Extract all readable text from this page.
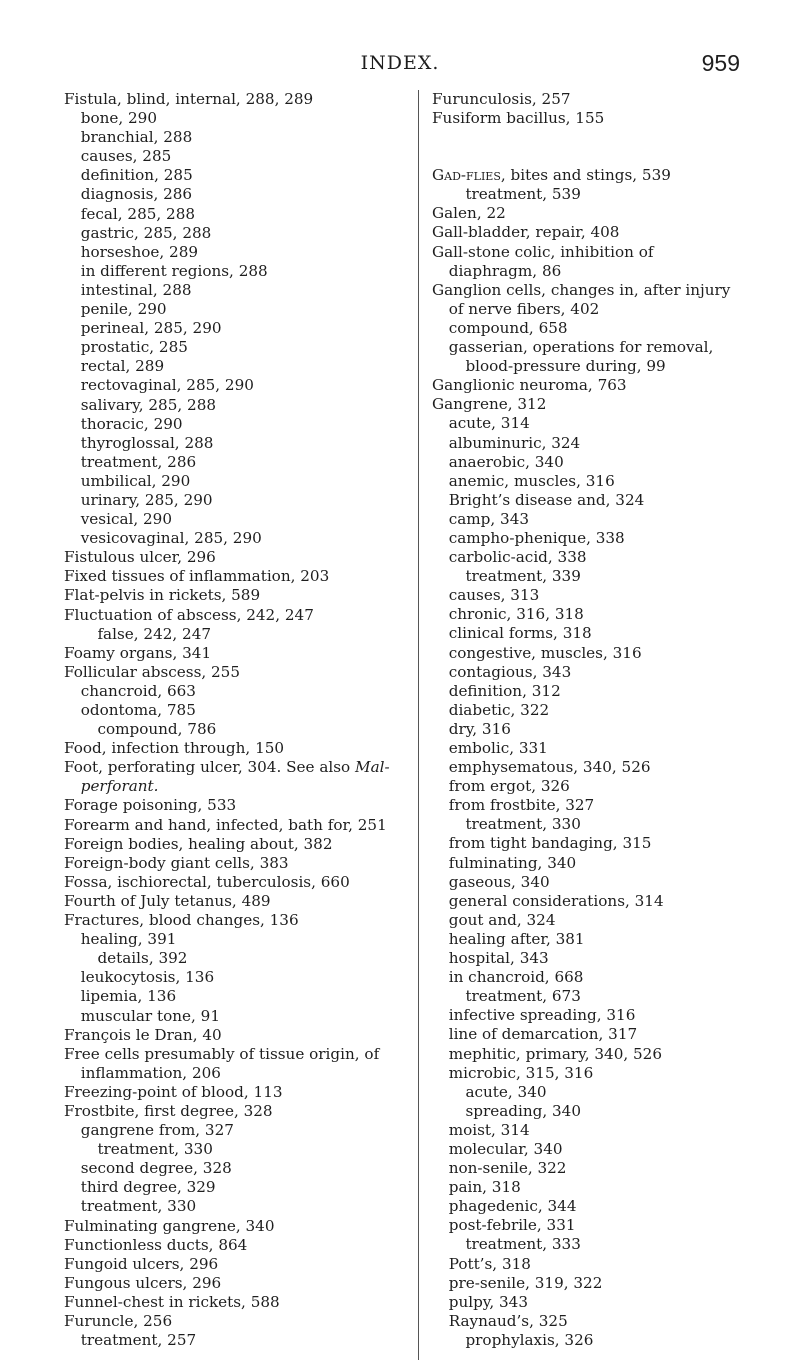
INDEX.	959

Fistula, blind, internal, 288, 289

bone, 290

branchial, 288

causes, 285

definition, 285

diagnosis, 286

fecal, 285, 288

gastric, 285, 288

horseshoe, 289

in different regions, 288

intestinal, 288

penile, 290

perineal, 285, 290

prostatic, 285

rectal, 289

rectovaginal, 285, 290

salivary, 285, 288

thoracic, 290

thyroglossal, 288

treatment, 286

umbilical, 290

urinary, 285, 290

vesical, 290

vesicovaginal, 285, 290

Fistulous ulcer, 296

Fixed tissues of inflammation, 203

Flat-pelvis in rickets, 589

Fluctuation of abscess, 242, 247

false, 242, 247

Foamy organs, 341

Follicular abscess, 255

chancroid, 663

odontoma, 785

compound, 786

Food, infection through, 150

Foot, perforating ulcer, 304. See also Mal-perforant.

Forage poisoning, 533

Forearm and hand, infected, bath for, 251

Foreign bodies, healing about, 382

Foreign-body giant cells, 383

Fossa, ischiorectal, tuberculosis, 660

Fourth of July tetanus, 489

Fractures, blood changes, 136

healing, 391

details, 392

leukocytosis, 136

lipemia, 136

muscular tone, 91

François le Dran, 40

Free cells presumably of tissue origin, of inflammation, 206

Freezing-point of blood, 113

Frostbite, first degree, 328

gangrene from, 327

treatment, 330

second degree, 328

third degree, 329

treatment, 330

Fulminating gangrene, 340

Functionless ducts, 864

Fungoid ulcers, 296

Fungous ulcers, 296

Funnel-chest in rickets, 588

Furuncle, 256

treatment, 257

Furunculosis, 257

Fusiform bacillus, 155

Gad-flies, bites and stings, 539

treatment, 539

Galen, 22

Gall-bladder, repair, 408

Gall-stone colic, inhibition of diaphragm, 86

Ganglion cells, changes in, after injury of nerve fibers, 402

compound, 658

gasserian, operations for removal, blood-pressure during, 99

Ganglionic neuroma, 763

Gangrene, 312

acute, 314

albuminuric, 324

anaerobic, 340

anemic, muscles, 316

Bright’s disease and, 324

camp, 343

campho-phenique, 338

carbolic-acid, 338

treatment, 339

causes, 313

chronic, 316, 318

clinical forms, 318

congestive, muscles, 316

contagious, 343

definition, 312

diabetic, 322

dry, 316

embolic, 331

emphysematous, 340, 526

from ergot, 326

from frostbite, 327

treatment, 330

from tight bandaging, 315

fulminating, 340

gaseous, 340

general considerations, 314

gout and, 324

healing after, 381

hospital, 343

in chancroid, 668

treatment, 673

infective spreading, 316

line of demarcation, 317

mephitic, primary, 340, 526

microbic, 315, 316

acute, 340

spreading, 340

moist, 314

molecular, 340

non-senile, 322

pain, 318

phagedenic, 344

post-febrile, 331

treatment, 333

Pott’s, 318

pre-senile, 319, 322

pulpy, 343

Raynaud’s, 325

prophylaxis, 326
